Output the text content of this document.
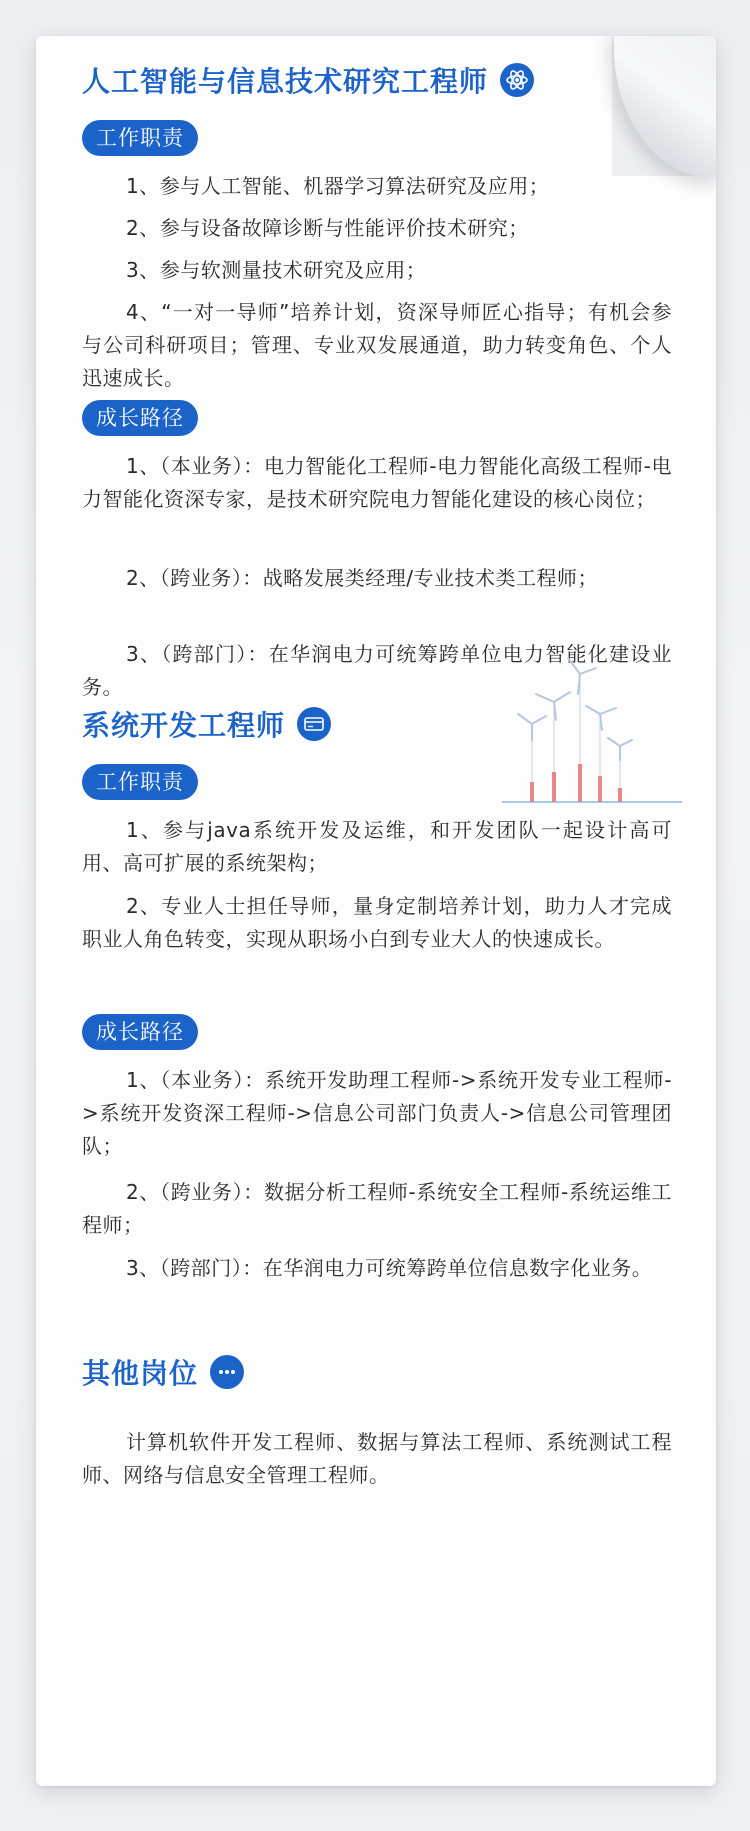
人工智能与信息技术研究工程师
工作职责
1、参与人工智能、机器学习算法研究及应用；
2、参与设备故障诊断与性能评价技术研究；
3、参与软测量技术研究及应用；
4、“一对一导师”培养计划，资深导师匠心指导；有机会参与公司科研项目；管理、专业双发展通道，助力转变角色、个人迅速成长。
成长路径
1、（本业务）：电力智能化工程师-电力智能化高级工程师-电力智能化资深专家，是技术研究院电力智能化建设的核心岗位；
2、（跨业务）：战略发展类经理/专业技术类工程师；
3、（跨部门）：在华润电力可统筹跨单位电力智能化建设业务。
系统开发工程师
工作职责
1、参与java系统开发及运维，和开发团队一起设计高可用、高可扩展的系统架构；
2、专业人士担任导师，量身定制培养计划，助力人才完成职业人角色转变，实现从职场小白到专业大人的快速成长。
成长路径
1、（本业务）：系统开发助理工程师->系统开发专业工程师->系统开发资深工程师->信息公司部门负责人->信息公司管理团队；
2、（跨业务）：数据分析工程师-系统安全工程师-系统运维工程师；
3、（跨部门）：在华润电力可统筹跨单位信息数字化业务。
其他岗位
计算机软件开发工程师、数据与算法工程师、系统测试工程师、网络与信息安全管理工程师。
